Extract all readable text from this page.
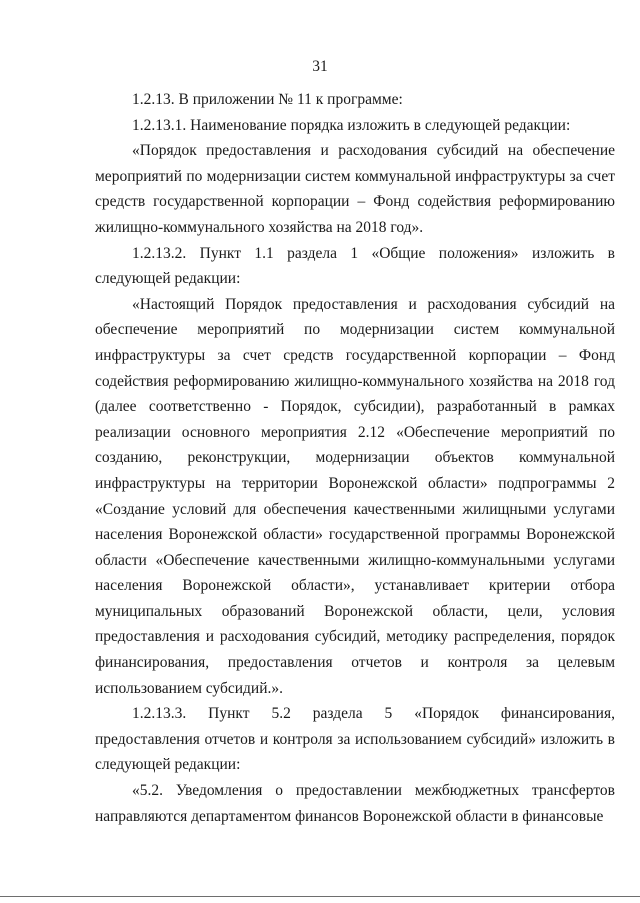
31

1.2.13. В приложении № 11 к программе:

1.2.13.1. Наименование порядка изложить в следующей редакции:

«Порядок предоставления и расходования субсидий на обеспечение мероприятий по модернизации систем коммунальной инфраструктуры за счет средств государственной корпорации – Фонд содействия реформированию жилищно-коммунального хозяйства на 2018 год».

1.2.13.2. Пункт 1.1 раздела 1 «Общие положения» изложить в следующей редакции:

«Настоящий Порядок предоставления и расходования субсидий на обеспечение мероприятий по модернизации систем коммунальной инфраструктуры за счет средств государственной корпорации – Фонд содействия реформированию жилищно-коммунального хозяйства на 2018 год (далее соответственно - Порядок, субсидии), разработанный в рамках реализации основного мероприятия 2.12 «Обеспечение мероприятий по созданию, реконструкции, модернизации объектов коммунальной инфраструктуры на территории Воронежской области» подпрограммы 2 «Создание условий для обеспечения качественными жилищными услугами населения Воронежской области» государственной программы Воронежской области «Обеспечение качественными жилищно-коммунальными услугами населения Воронежской области», устанавливает критерии отбора муниципальных образований Воронежской области, цели, условия предоставления и расходования субсидий, методику распределения, порядок финансирования, предоставления отчетов и контроля за целевым использованием субсидий.».

1.2.13.3. Пункт 5.2 раздела 5 «Порядок финансирования, предоставления отчетов и контроля за использованием субсидий» изложить в следующей редакции:

«5.2. Уведомления о предоставлении межбюджетных трансфертов направляются департаментом финансов Воронежской области в финансовые
